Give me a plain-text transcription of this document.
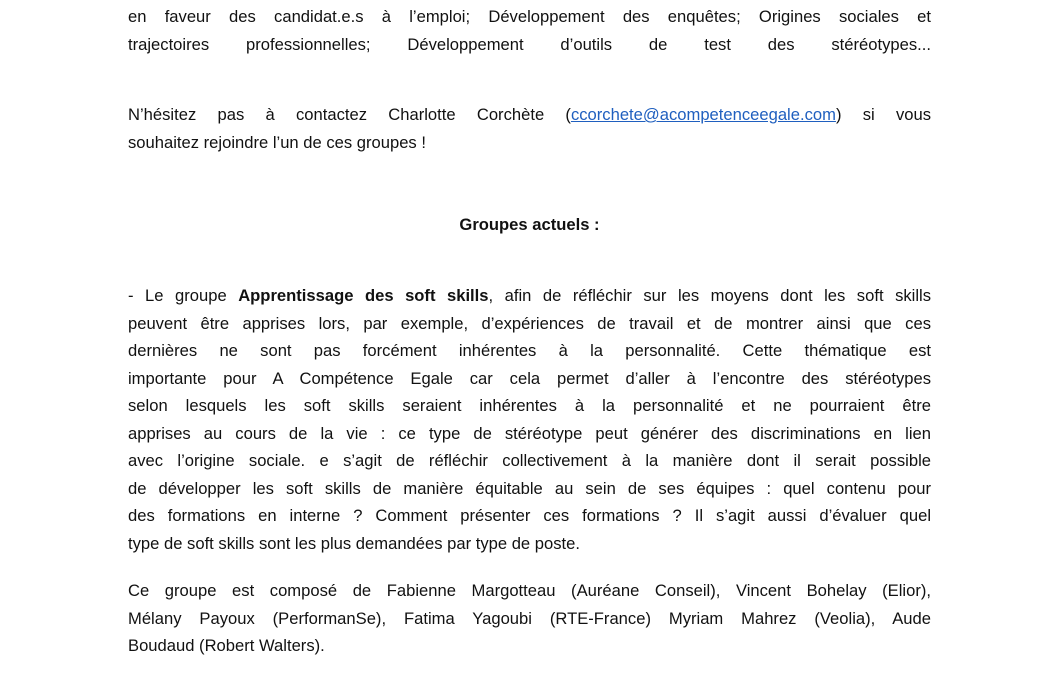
en faveur des candidat.e.s à l’emploi; Développement des enquêtes; Origines sociales et

trajectoires professionnelles; Développement d’outils de test des stéréotypes...

N’hésitez pas à contactez Charlotte Corchète (ccorchete@acompetenceegale.com) si vous

souhaitez rejoindre l’un de ces groupes !

Groupes actuels :

- Le groupe Apprentissage des soft skills, afin de réfléchir sur les moyens dont les soft skills

peuvent être apprises lors, par exemple, d’expériences de travail et de montrer ainsi que ces

dernières ne sont pas forcément inhérentes à la personnalité. Cette thématique est

importante pour A Compétence Egale car cela permet d’aller à l’encontre des stéréotypes

selon lesquels les soft skills seraient inhérentes à la personnalité et ne pourraient être

apprises au cours de la vie : ce type de stéréotype peut générer des discriminations en lien

avec l’origine sociale. e s’agit de réfléchir collectivement à la manière dont il serait possible

de développer les soft skills de manière équitable au sein de ses équipes : quel contenu pour

des formations en interne ? Comment présenter ces formations ? Il s’agit aussi d’évaluer quel

type de soft skills sont les plus demandées par type de poste.

Ce groupe est composé de Fabienne Margotteau (Auréane Conseil), Vincent Bohelay (Elior),

Mélany Payoux (PerformanSe), Fatima Yagoubi (RTE-France) Myriam Mahrez (Veolia), Aude

Boudaud (Robert Walters).
